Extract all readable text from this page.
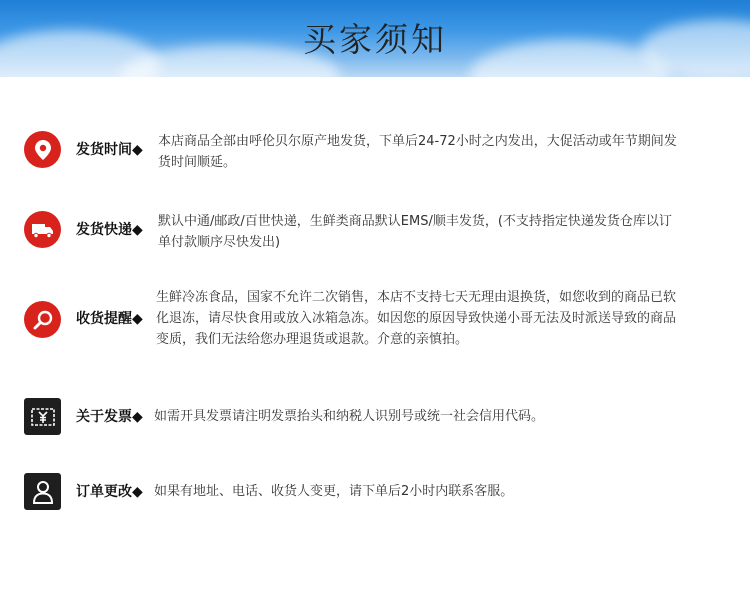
买家须知
发货时间◆
本店商品全部由呼伦贝尔原产地发货，下单后24-72小时之内发出，大促活动或年节期间发货时间顺延。
发货快递◆
默认中通/邮政/百世快递，生鲜类商品默认EMS/顺丰发货，(不支持指定快递发货仓库以订单付款顺序尽快发出)
收货提醒◆
生鲜冷冻食品，国家不允许二次销售，本店不支持七天无理由退换货，如您收到的商品已软化退冻，请尽快食用或放入冰箱急冻。如因您的原因导致快递小哥无法及时派送导致的商品变质，我们无法给您办理退货或退款。介意的亲慎拍。
关于发票◆ 如需开具发票请注明发票抬头和纳税人识别号或统一社会信用代码。
订单更改◆ 如果有地址、电话、收货人变更，请下单后2小时内联系客服。
